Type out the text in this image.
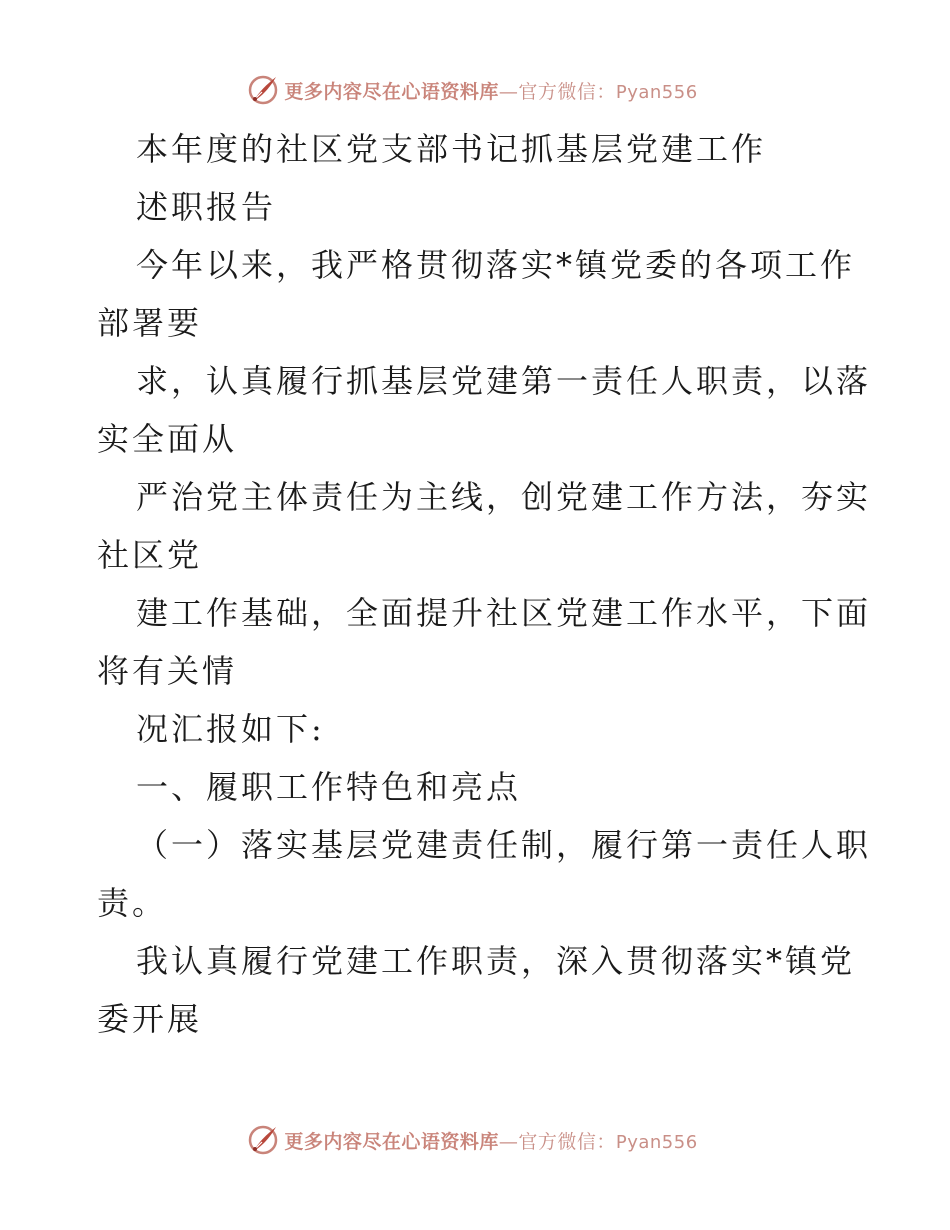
更多内容尽在心语资料库—官方微信：Pyan556
本年度的社区党支部书记抓基层党建工作
述职报告
今年以来，我严格贯彻落实*镇党委的各项工作
部署要
求，认真履行抓基层党建第一责任人职责，以落
实全面从
严治党主体责任为主线，创党建工作方法，夯实
社区党
建工作基础，全面提升社区党建工作水平，下面
将有关情
况汇报如下:
一、履职工作特色和亮点
（一）落实基层党建责任制，履行第一责任人职
责。
我认真履行党建工作职责，深入贯彻落实*镇党
委开展
更多内容尽在心语资料库—官方微信：Pyan556
